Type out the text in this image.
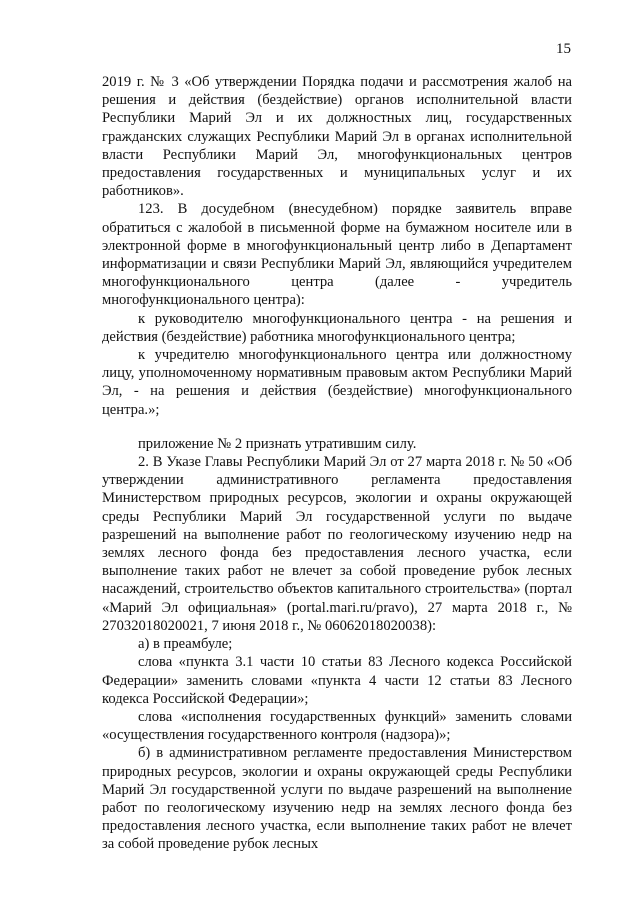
15

2019 г. № 3 «Об утверждении Порядка подачи и рассмотрения жалоб на решения и действия (бездействие) органов исполнительной власти Республики Марий Эл и их должностных лиц, государственных гражданских служащих Республики Марий Эл в органах исполнительной власти Республики Марий Эл, многофункциональных центров предоставления государственных и муниципальных услуг и их работников».

123. В досудебном (внесудебном) порядке заявитель вправе обратиться с жалобой в письменной форме на бумажном носителе или в электронной форме в многофункциональный центр либо в Департамент информатизации и связи Республики Марий Эл, являющийся учредителем многофункционального центра (далее - учредитель многофункционального центра):

к руководителю многофункционального центра - на решения и действия (бездействие) работника многофункционального центра;

к учредителю многофункционального центра или должностному лицу, уполномоченному нормативным правовым актом Республики Марий Эл, - на решения и действия (бездействие) многофункционального центра.»;

приложение № 2 признать утратившим силу.

2. В Указе Главы Республики Марий Эл от 27 марта 2018 г. № 50 «Об утверждении административного регламента предоставления Министерством природных ресурсов, экологии и охраны окружающей среды Республики Марий Эл государственной услуги по выдаче разрешений на выполнение работ по геологическому изучению недр на землях лесного фонда без предоставления лесного участка, если выполнение таких работ не влечет за собой проведение рубок лесных насаждений, строительство объектов капитального строительства» (портал «Марий Эл официальная» (portal.mari.ru/pravo), 27 марта 2018 г., № 27032018020021, 7 июня 2018 г., № 06062018020038):

а) в преамбуле;

слова «пункта 3.1 части 10 статьи 83 Лесного кодекса Российской Федерации» заменить словами «пункта 4 части 12 статьи 83 Лесного кодекса Российской Федерации»;

слова «исполнения государственных функций» заменить словами «осуществления государственного контроля (надзора)»;

б) в административном регламенте предоставления Министерством природных ресурсов, экологии и охраны окружающей среды Республики Марий Эл государственной услуги по выдаче разрешений на выполнение работ по геологическому изучению недр на землях лесного фонда без предоставления лесного участка, если выполнение таких работ не влечет за собой проведение рубок лесных
